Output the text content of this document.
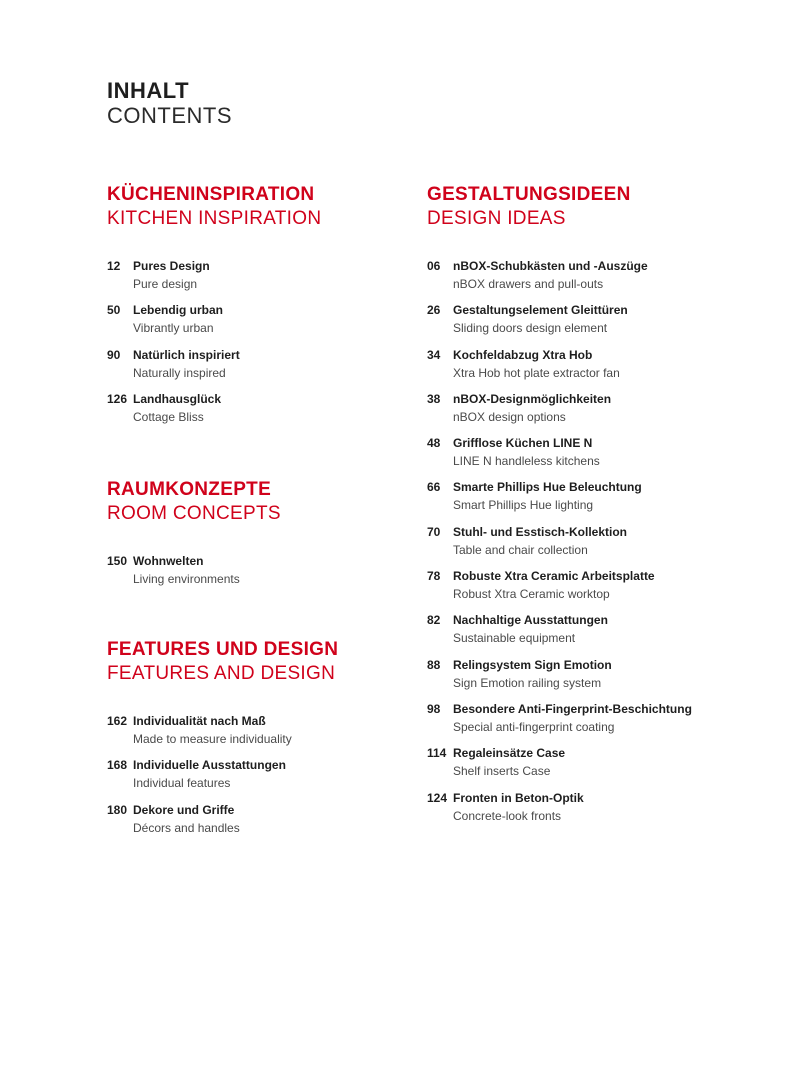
INHALT
CONTENTS
KÜCHENINSPIRATION
KITCHEN INSPIRATION
12	Pures Design
Pure design
50	Lebendig urban
Vibrantly urban
90	Natürlich inspiriert
Naturally inspired
126 Landhausglück
Cottage Bliss
RAUMKONZEPTE
ROOM CONCEPTS
150 Wohnwelten
Living environments
FEATURES UND DESIGN
FEATURES AND DESIGN
162 Individualität nach Maß
Made to measure individuality
168 Individuelle Ausstattungen
Individual features
180 Dekore und Griffe
Décors and handles
GESTALTUNGSIDEEN
DESIGN IDEAS
06	nBOX-Schubkästen und -Auszüge
nBOX drawers and pull-outs
26	Gestaltungselement Gleittüren
Sliding doors design element
34	Kochfeldabzug Xtra Hob
Xtra Hob hot plate extractor fan
38	nBOX-Designmöglichkeiten
nBOX design options
48	Grifflose Küchen LINE N
LINE N handleless kitchens
66	Smarte Phillips Hue Beleuchtung
Smart Phillips Hue lighting
70	Stuhl- und Esstisch-Kollektion
Table and chair collection
78	Robuste Xtra Ceramic Arbeitsplatte
Robust Xtra Ceramic worktop
82	Nachhaltige Ausstattungen
Sustainable equipment
88	Relingsystem Sign Emotion
Sign Emotion railing system
98	Besondere Anti-Fingerprint-Beschichtung
Special anti-fingerprint coating
114 Regaleinsätze Case
Shelf inserts Case
124 Fronten in Beton-Optik
Concrete-look fronts
